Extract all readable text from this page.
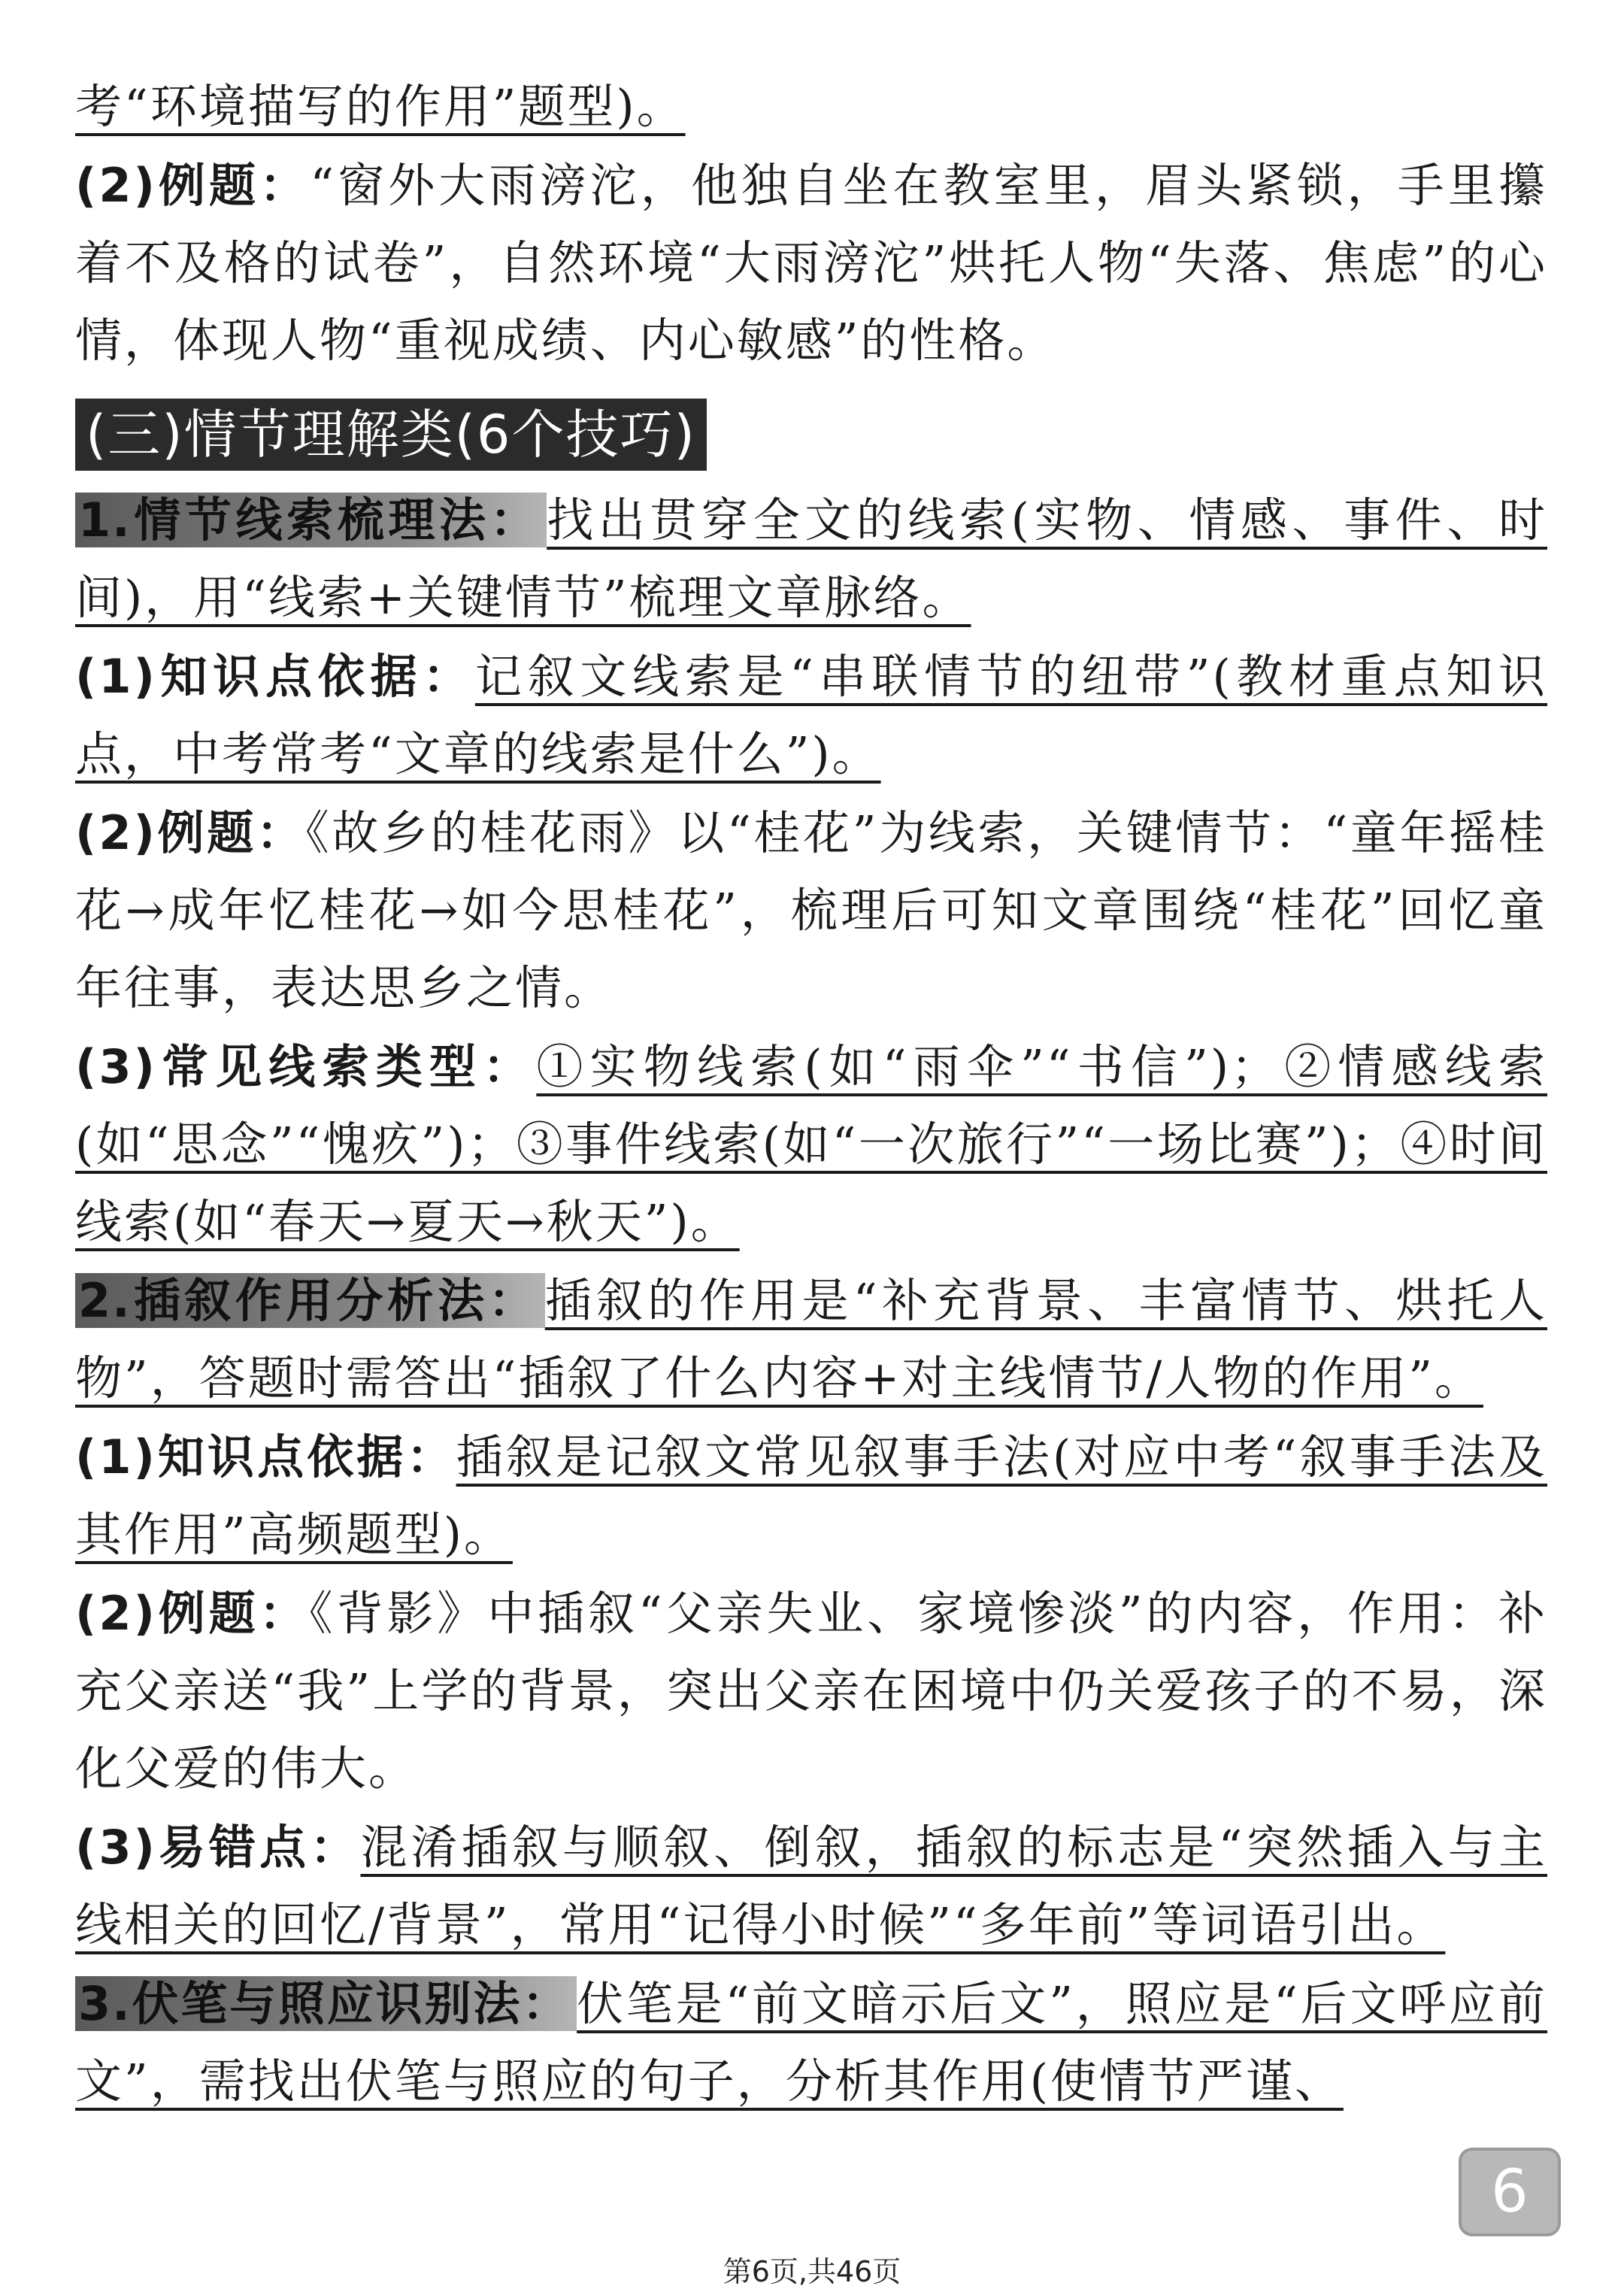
考“环境描写的作用”题型)。

(2)例题：“窗外大雨滂沱，他独自坐在教室里，眉头紧锁，手里攥着不及格的试卷”，自然环境“大雨滂沱”烘托人物“失落、焦虑”的心情，体现人物“重视成绩、内心敏感”的性格。

(三)情节理解类(6个技巧)

1.情节线索梳理法： 找出贯穿全文的线索(实物、情感、事件、时间)，用“线索+关键情节”梳理文章脉络。

(1)知识点依据：记叙文线索是“串联情节的纽带”(教材重点知识点，中考常考“文章的线索是什么”)。

(2)例题：《故乡的桂花雨》以“桂花”为线索，关键情节：“童年摇桂花→成年忆桂花→如今思桂花”，梳理后可知文章围绕“桂花”回忆童年往事，表达思乡之情。

(3)常见线索类型：①实物线索(如“雨伞”“书信”)；②情感线索(如“思念”“愧疚”)；③事件线索(如“一次旅行”“一场比赛”)；④时间线索(如“春天→夏天→秋天”)。

2.插叙作用分析法： 插叙的作用是“补充背景、丰富情节、烘托人物”，答题时需答出“插叙了什么内容+对主线情节/人物的作用”。

(1)知识点依据：插叙是记叙文常见叙事手法(对应中考“叙事手法及其作用”高频题型)。

(2)例题：《背影》中插叙“父亲失业、家境惨淡”的内容，作用：补充父亲送“我”上学的背景，突出父亲在困境中仍关爱孩子的不易，深化父爱的伟大。

(3)易错点：混淆插叙与顺叙、倒叙，插叙的标志是“突然插入与主线相关的回忆/背景”，常用“记得小时候”“多年前”等词语引出。

3.伏笔与照应识别法： 伏笔是“前文暗示后文”，照应是“后文呼应前文”，需找出伏笔与照应的句子，分析其作用(使情节严谨、

6
第6页,共46页
